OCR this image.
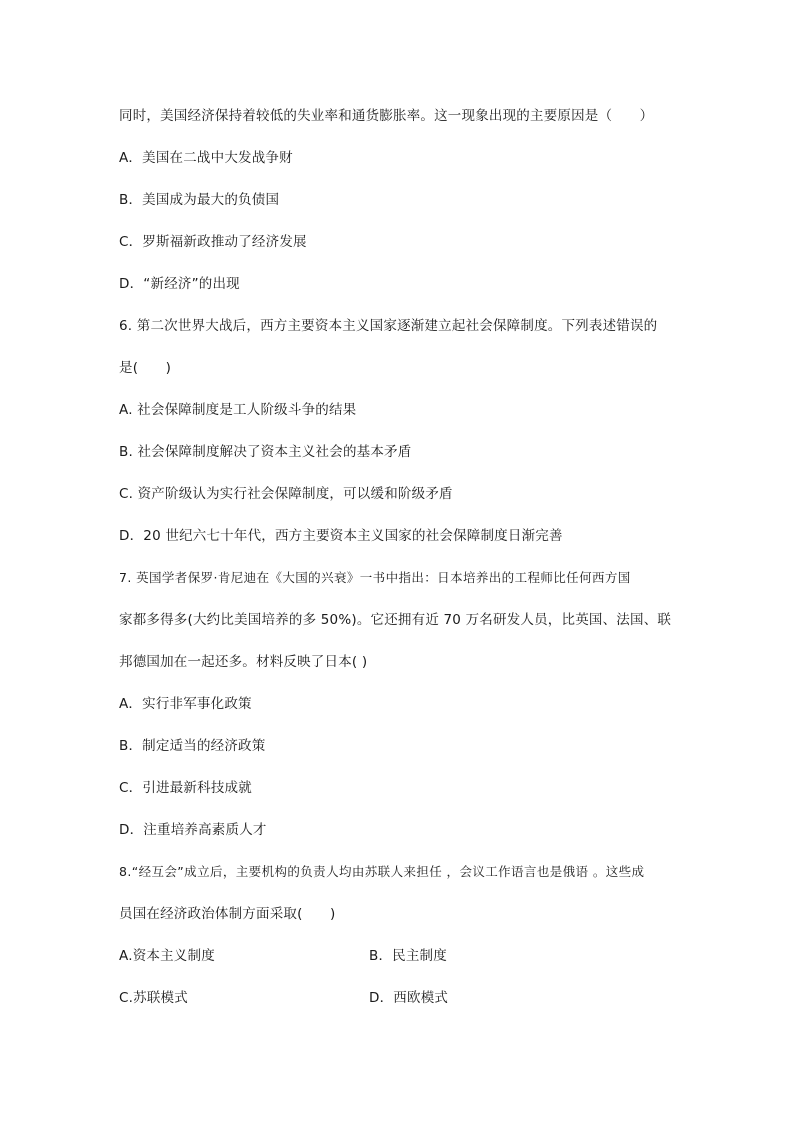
同时，美国经济保持着较低的失业率和通货膨胀率。这一现象出现的主要原因是（　　）
A．美国在二战中大发战争财
B．美国成为最大的负债国
C．罗斯福新政推动了经济发展
D．“新经济”的出现
6. 第二次世界大战后，西方主要资本主义国家逐渐建立起社会保障制度。下列表述错误的
是(　　)
A. 社会保障制度是工人阶级斗争的结果
B. 社会保障制度解决了资本主义社会的基本矛盾
C. 资产阶级认为实行社会保障制度，可以缓和阶级矛盾
D．20 世纪六七十年代，西方主要资本主义国家的社会保障制度日渐完善
7. 英国学者保罗·肯尼迪在《大国的兴衰》一书中指出：日本培养出的工程师比任何西方国
家都多得多(大约比美国培养的多 50%)。它还拥有近 70 万名研发人员，比英国、法国、联
邦德国加在一起还多。材料反映了日本( )
A．实行非军事化政策
B．制定适当的经济政策
C．引进最新科技成就
D．注重培养高素质人才
8.“经互会”成立后，主要机构的负责人均由苏联人来担任 ，会议工作语言也是俄语 。这些成
员国在经济政治体制方面采取(　　)
A.资本主义制度	B．民主制度
C.苏联模式	D．西欧模式
